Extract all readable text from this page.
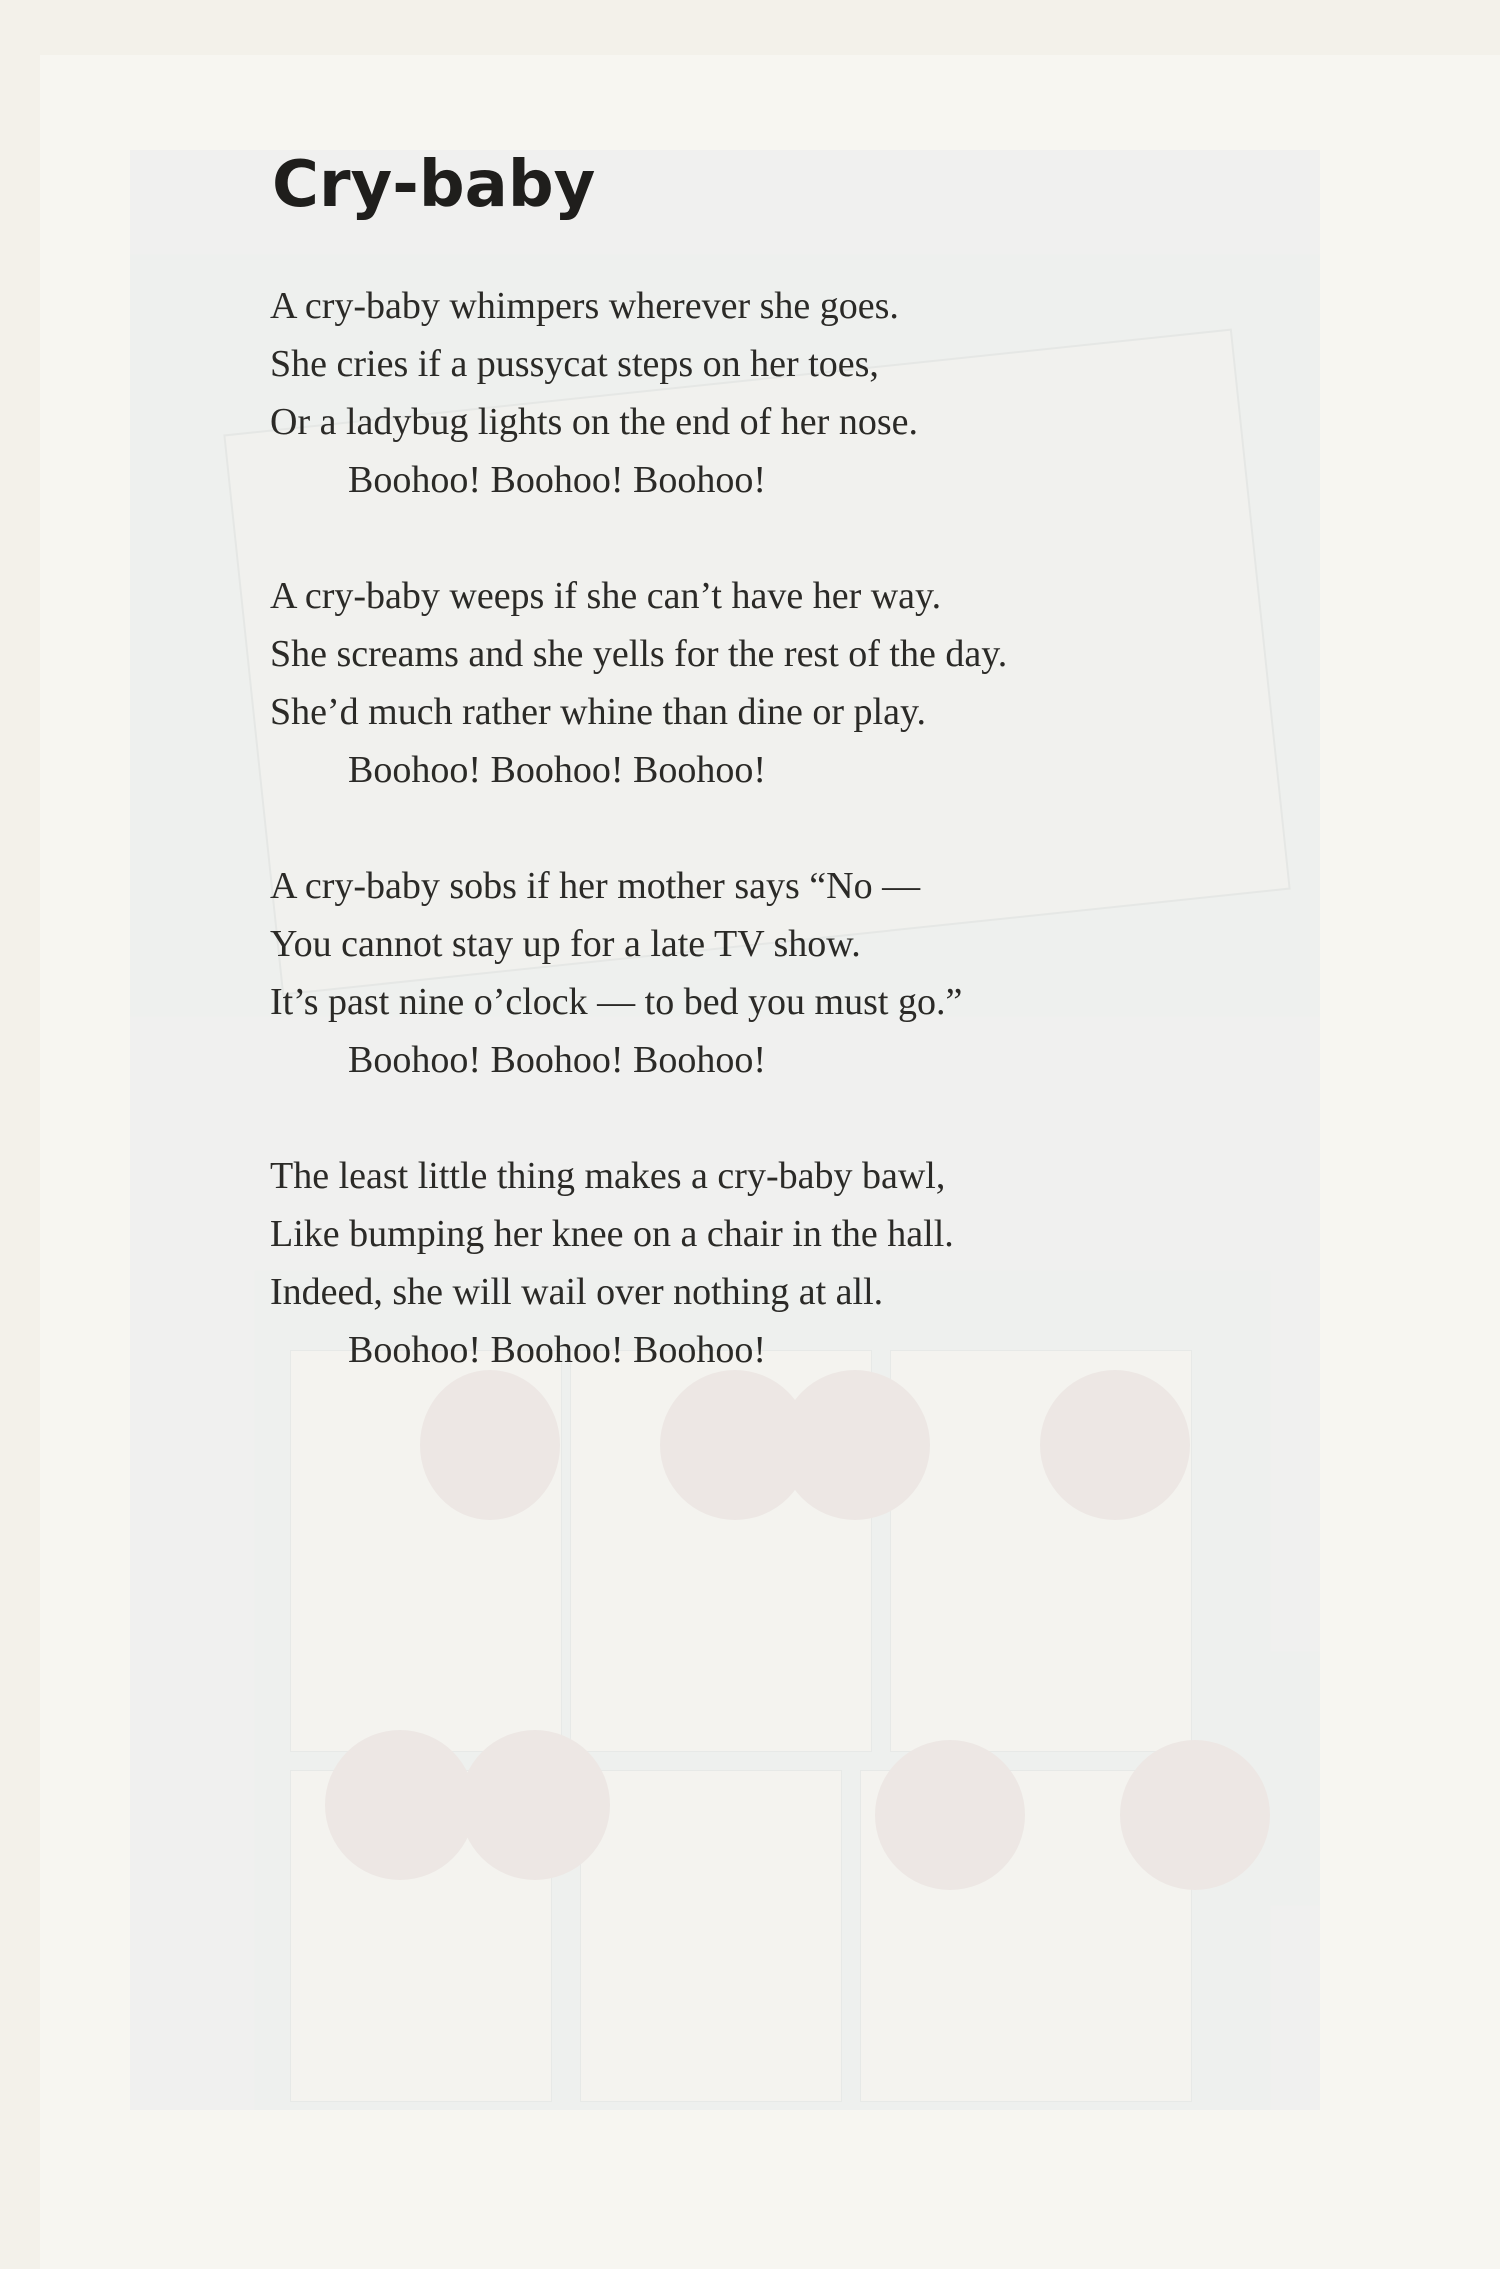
Cry-baby
A cry-baby whimpers wherever she goes.
She cries if a pussycat steps on her toes,
Or a ladybug lights on the end of her nose.
Boohoo! Boohoo! Boohoo!
A cry-baby weeps if she can’t have her way.
She screams and she yells for the rest of the day.
She’d much rather whine than dine or play.
Boohoo! Boohoo! Boohoo!
A cry-baby sobs if her mother says “No —
You cannot stay up for a late TV show.
It’s past nine o’clock — to bed you must go.”
Boohoo! Boohoo! Boohoo!
The least little thing makes a cry-baby bawl,
Like bumping her knee on a chair in the hall.
Indeed, she will wail over nothing at all.
Boohoo! Boohoo! Boohoo!
